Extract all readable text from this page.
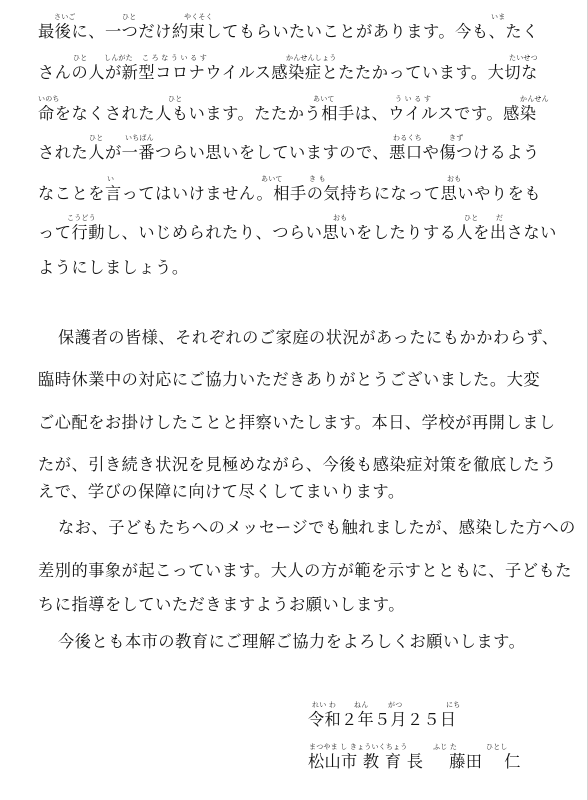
さいご	ひと	やくそく	いま
最後に、一つだけ約束してもらいたいことがあります。今も、たく
ひと しんがた こ ろ な う い る す	かんせんしょう	たいせつ
さんの人が新型コロナウイルス感染症とたたかっています。大切な
いのち	ひと	あいて	う い る す	かんせん
命をなくされた人もいます。たたかう相手は、ウイルスです。感染
ひと	いちばん	わるくち	きず
された人が一番つらい思いをしていますので、悪口や傷つけるよう
い	あいて	き も	おも
なことを言ってはいけません。相手の気持ちになって思いやりをも
こうどう	おも	ひと	だ
って行動し、いじめられたり、つらい思いをしたりする人を出さない
ようにしましょう。
保護者の皆様、それぞれのご家庭の状況があったにもかかわらず、
臨時休業中の対応にご協力いただきありがとうございました。大変
ご心配をお掛けしたことと拝察いたします。本日、学校が再開しまし
たが、引き続き状況を見極めながら、今後も感染症対策を徹底したう
えで、学びの保障に向けて尽くしてまいります。
なお、子どもたちへのメッセージでも触れましたが、感染した方への
差別的事象が起こっています。大人の方が範を示すとともに、子どもた
ちに指導をしていただきますようお願いします。
今後とも本市の教育にご理解ご協力をよろしくお願いします。
れい わ	ねん	がつ	にち
令和２年５月２５日
まつやま し きょういくちょう	ふじ た	ひとし
松山市 教 育 長 藤田 仁
